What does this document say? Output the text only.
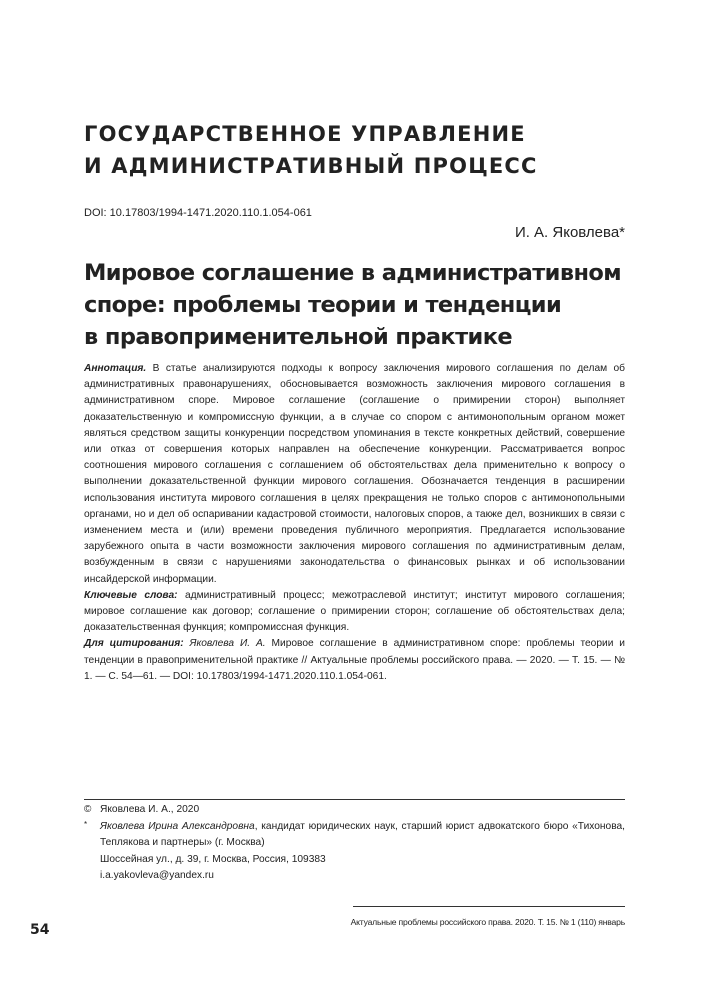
ГОСУДАРСТВЕННОЕ УПРАВЛЕНИЕ
И АДМИНИСТРАТИВНЫЙ ПРОЦЕСС
DOI: 10.17803/1994-1471.2020.110.1.054-061
И. А. Яковлева*
Мировое соглашение в административном
споре: проблемы теории и тенденции
в правоприменительной практике

Аннотация. В статье анализируются подходы к вопросу заключения мирового соглашения по делам об административных правонарушениях, обосновывается возможность заключения мирового соглашения в административном споре. Мировое соглашение (соглашение о примирении сторон) выполняет доказательственную и компромиссную функции, а в случае со спором с антимонопольным органом может являться средством защиты конкуренции посредством упоминания в тексте конкретных действий, совершение или отказ от совершения которых направлен на обеспечение конкуренции. Рассматривается вопрос соотношения мирового соглашения с соглашением об обстоятельствах дела применительно к вопросу о выполнении доказательственной функции мирового соглашения. Обозначается тенденция в расширении использования института мирового соглашения в целях прекращения не только споров с антимонопольными органами, но и дел об оспаривании кадастровой стоимости, налоговых споров, а также дел, возникших в связи с изменением места и (или) времени проведения публичного мероприятия. Предлагается использование зарубежного опыта в части возможности заключения мирового соглашения по административным делам, возбужденным в связи с нарушениями законодательства о финансовых рынках и об использовании инсайдерской информации.

Ключевые слова: административный процесс; межотраслевой институт; институт мирового соглашения; мировое соглашение как договор; соглашение о примирении сторон; соглашение об обстоятельствах дела; доказательственная функция; компромиссная функция.

Для цитирования: Яковлева И. А. Мировое соглашение в административном споре: проблемы теории и тенденции в правоприменительной практике // Актуальные проблемы российского права. — 2020. — Т. 15. — № 1. — С. 54—61. — DOI: 10.17803/1994-1471.2020.110.1.054-061.

© Яковлева И. А., 2020
*	Яковлева Ирина Александровна, кандидат юридических наук, старший юрист адвокатского бюро «Тихонова, Теплякова и партнеры» (г. Москва)
Шоссейная ул., д. 39, г. Москва, Россия, 109383
i.a.yakovleva@yandex.ru
Актуальные проблемы российского права. 2020. Т. 15. № 1 (110) январь
54
